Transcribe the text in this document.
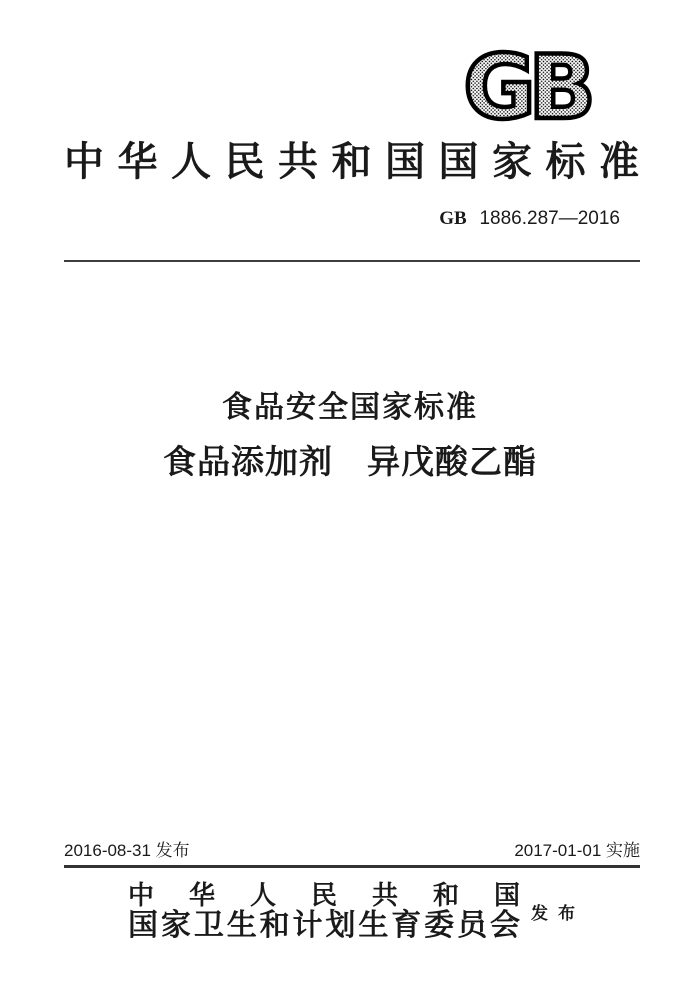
GB
中华人民共和国国家标准
GB 1886.287—2016
食品安全国家标准
食品添加剂　异戊酸乙酯
2016-08-31 发布	2017-01-01 实施
中华人民共和国
国家卫生和计划生育委员会 发布
